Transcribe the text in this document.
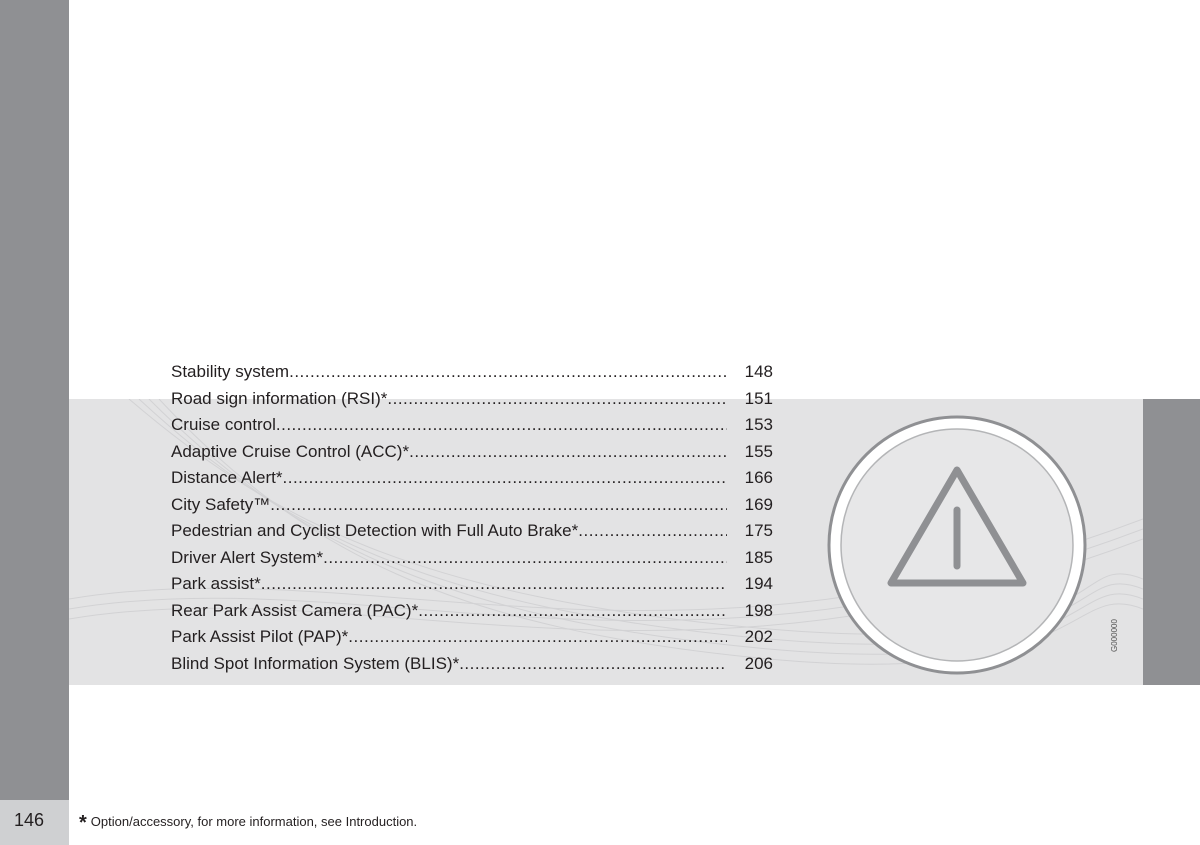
146
Stability system .....	148
Road sign information (RSI)* .....	151
Cruise control .....	153
Adaptive Cruise Control (ACC)* .....	155
Distance Alert* .....	166
City Safety™ .....	169
Pedestrian and Cyclist Detection with Full Auto Brake* .....	175
Driver Alert System* .....	185
Park assist* .....	194
Rear Park Assist Camera (PAC)* .....	198
Park Assist Pilot (PAP)* .....	202
Blind Spot Information System (BLIS)* .....	206
G000000
* Option/accessory, for more information, see Introduction.
